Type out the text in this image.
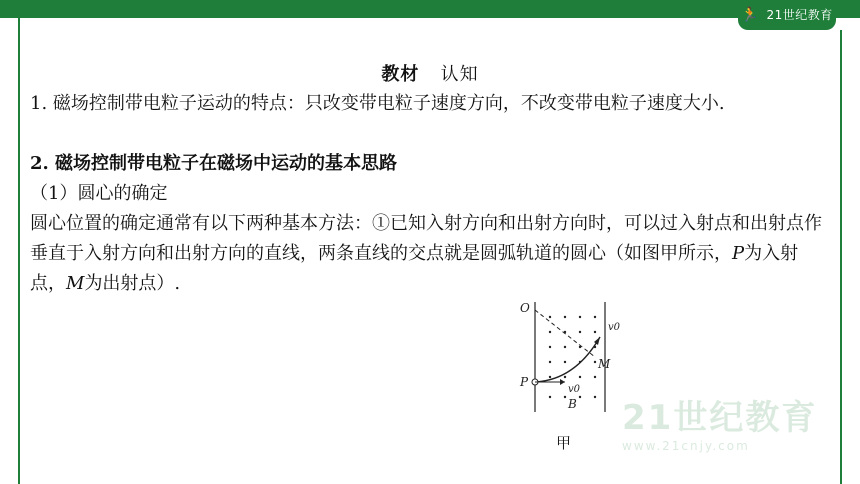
🏃 21世纪教育
教材 认知
1. 磁场控制带电粒子运动的特点：只改变带电粒子速度方向，不改变带电粒子速度大小.
2. 磁场控制带电粒子在磁场中运动的基本思路
（1）圆心的确定
圆心位置的确定通常有以下两种基本方法：①已知入射方向和出射方向时，可以过入射点和出射点作垂直于入射方向和出射方向的直线，两条直线的交点就是圆弧轨道的圆心（如图甲所示，P为入射点，M为出射点）.
O
P
M
B
v0
v0
甲
21世纪教育
www.21cnjy.com
